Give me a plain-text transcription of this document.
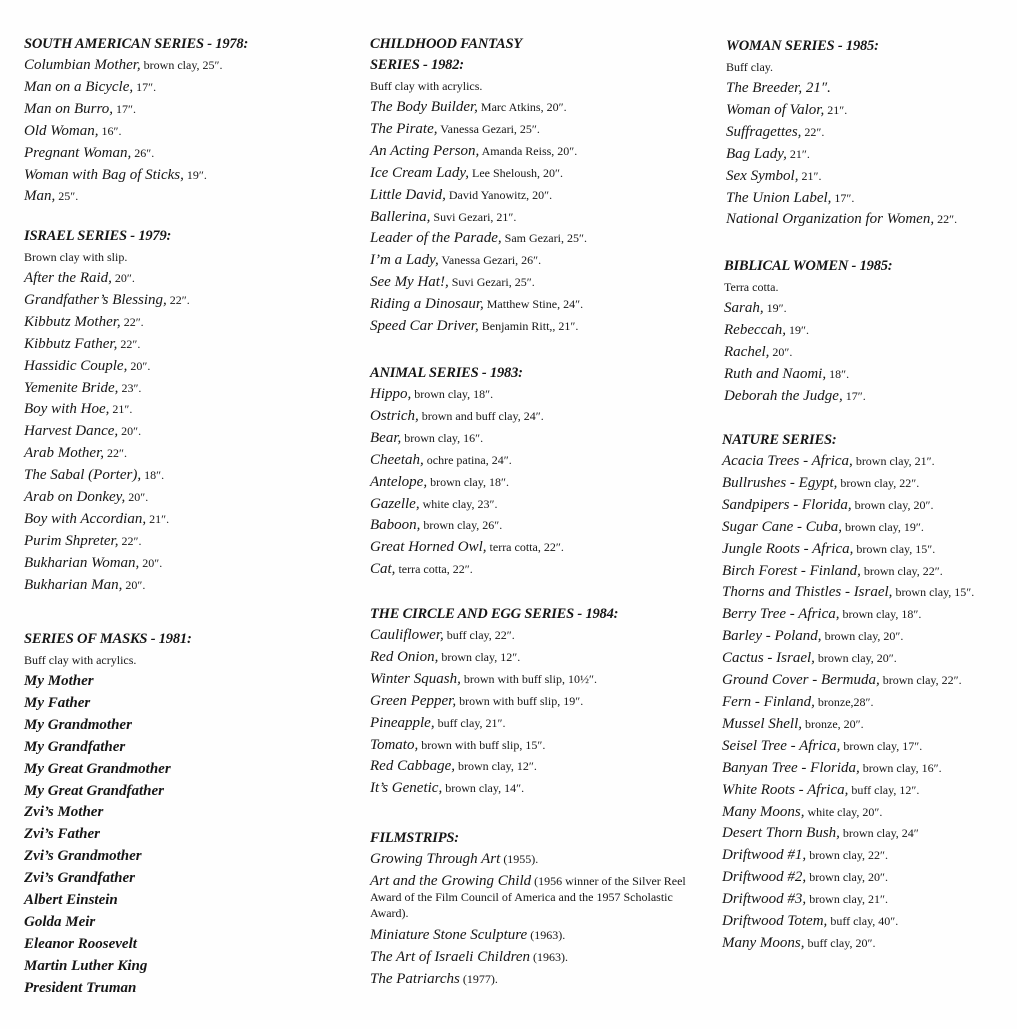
SOUTH AMERICAN SERIES - 1978:

Columbian Mother, brown clay, 25″.

Man on a Bicycle, 17″.

Man on Burro, 17″.

Old Woman, 16″.

Pregnant Woman, 26″.

Woman with Bag of Sticks, 19″.

Man, 25″.

ISRAEL SERIES - 1979:

Brown clay with slip.

After the Raid, 20″.

Grandfather’s Blessing, 22″.

Kibbutz Mother, 22″.

Kibbutz Father, 22″.

Hassidic Couple, 20″.

Yemenite Bride, 23″.

Boy with Hoe, 21″.

Harvest Dance, 20″.

Arab Mother, 22″.

The Sabal (Porter), 18″.

Arab on Donkey, 20″.

Boy with Accordian, 21″.

Purim Shpreter, 22″.

Bukharian Woman, 20″.

Bukharian Man, 20″.

SERIES OF MASKS - 1981:

Buff clay with acrylics.

My Mother

My Father

My Grandmother

My Grandfather

My Great Grandmother

My Great Grandfather

Zvi’s Mother

Zvi’s Father

Zvi’s Grandmother

Zvi’s Grandfather

Albert Einstein

Golda Meir

Eleanor Roosevelt

Martin Luther King

President Truman

CHILDHOOD FANTASY
SERIES - 1982:

Buff clay with acrylics.

The Body Builder, Marc Atkins, 20″.

The Pirate, Vanessa Gezari, 25″.

An Acting Person, Amanda Reiss, 20″.

Ice Cream Lady, Lee Sheloush, 20″.

Little David, David Yanowitz, 20″.

Ballerina, Suvi Gezari, 21″.

Leader of the Parade, Sam Gezari, 25″.

I’m a Lady, Vanessa Gezari, 26″.

See My Hat!, Suvi Gezari, 25″.

Riding a Dinosaur, Matthew Stine, 24″.

Speed Car Driver, Benjamin Ritt,, 21″.

ANIMAL SERIES - 1983:

Hippo, brown clay, 18″.

Ostrich, brown and buff clay, 24″.

Bear, brown clay, 16″.

Cheetah, ochre patina, 24″.

Antelope, brown clay, 18″.

Gazelle, white clay, 23″.

Baboon, brown clay, 26″.

Great Horned Owl, terra cotta, 22″.

Cat, terra cotta, 22″.

THE CIRCLE AND EGG SERIES - 1984:

Cauliflower, buff clay, 22″.

Red Onion, brown clay, 12″.

Winter Squash, brown with buff slip, 10½″.

Green Pepper, brown with buff slip, 19″.

Pineapple, buff clay, 21″.

Tomato, brown with buff slip, 15″.

Red Cabbage, brown clay, 12″.

It’s Genetic, brown clay, 14″.

FILMSTRIPS:

Growing Through Art (1955).

Art and the Growing Child (1956 winner of the Silver Reel Award of the Film Council of America and the 1957 Scholastic Award).

Miniature Stone Sculpture (1963).

The Art of Israeli Children (1963).

The Patriarchs (1977).

WOMAN SERIES - 1985:

Buff clay.

The Breeder, 21″.

Woman of Valor, 21″.

Suffragettes, 22″.

Bag Lady, 21″.

Sex Symbol, 21″.

The Union Label, 17″.

National Organization for Women, 22″.

BIBLICAL WOMEN - 1985:

Terra cotta.

Sarah, 19″.

Rebeccah, 19″.

Rachel, 20″.

Ruth and Naomi, 18″.

Deborah the Judge, 17″.

NATURE SERIES:

Acacia Trees - Africa, brown clay, 21″.

Bullrushes - Egypt, brown clay, 22″.

Sandpipers - Florida, brown clay, 20″.

Sugar Cane - Cuba, brown clay, 19″.

Jungle Roots - Africa, brown clay, 15″.

Birch Forest - Finland, brown clay, 22″.

Thorns and Thistles - Israel, brown clay, 15″.

Berry Tree - Africa, brown clay, 18″.

Barley - Poland, brown clay, 20″.

Cactus - Israel, brown clay, 20″.

Ground Cover - Bermuda, brown clay, 22″.

Fern - Finland, bronze,28″.

Mussel Shell, bronze, 20″.

Seisel Tree - Africa, brown clay, 17″.

Banyan Tree - Florida, brown clay, 16″.

White Roots - Africa, buff clay, 12″.

Many Moons, white clay, 20″.

Desert Thorn Bush, brown clay, 24″

Driftwood #1, brown clay, 22″.

Driftwood #2, brown clay, 20″.

Driftwood #3, brown clay, 21″.

Driftwood Totem, buff clay, 40″.

Many Moons, buff clay, 20″.
